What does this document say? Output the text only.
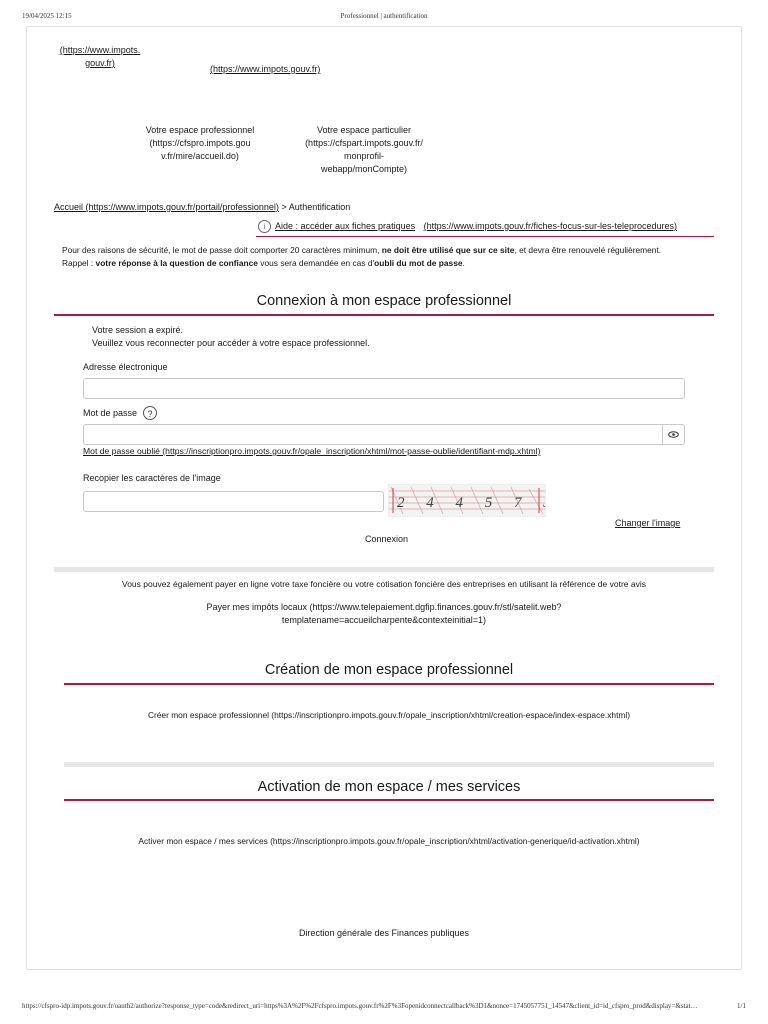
19/04/2025 12:15	Professionnel | authentification
(https://www.impots.
gouv.fr)
(https://www.impots.gouv.fr)
Votre espace professionnel
(https://cfspro.impots.gou
v.fr/mire/accueil.do)
Votre espace particulier
(https://cfspart.impots.gouv.fr/
monprofil-
webapp/monCompte)
Accueil (https://www.impots.gouv.fr/portail/professionnel) > Authentification
i	Aide : accéder aux fiches pratiques (https://www.impots.gouv.fr/fiches-focus-sur-les-teleprocedures)
Pour des raisons de sécurité, le mot de passe doit comporter 20 caractères minimum, ne doit être utilisé que sur ce site, et devra être renouvelé régulièrement.
Rappel : votre réponse à la question de confiance vous sera demandée en cas d'oubli du mot de passe.
Connexion à mon espace professionnel
Votre session a expiré.
Veuillez vous reconnecter pour accéder à votre espace professionnel.
Adresse électronique
Mot de passe	?
Mot de passe oublié (https://inscriptionpro.impots.gouv.fr/opale_inscription/xhtml/mot-passe-oublie/identifiant-mdp.xhtml)
Recopier les caractères de l'image
2 4 4 5 7 3
Changer l'image
Connexion
Vous pouvez également payer en ligne votre taxe foncière ou votre cotisation foncière des entreprises en utilisant la référence de votre avis
Payer mes impôts locaux (https://www.telepaiement.dgfip.finances.gouv.fr/stl/satelit.web?
templatename=accueilcharpente&contexteinitial=1)
Création de mon espace professionnel
Créer mon espace professionnel (https://inscriptionpro.impots.gouv.fr/opale_inscription/xhtml/creation-espace/index-espace.xhtml)
Activation de mon espace / mes services
Activer mon espace / mes services (https://inscriptionpro.impots.gouv.fr/opale_inscription/xhtml/activation-generique/id-activation.xhtml)
Direction générale des Finances publiques
https://cfspro-idp.impots.gouv.fr/oauth2/authorize?response_type=code&redirect_uri=https%3A%2F%2Fcfspro.impots.gouv.fr%2F%3Fopenidconnectcallback%3D1&nonce=1745057751_14547&client_id=id_cfspro_prod&display=&stat…	1/1
